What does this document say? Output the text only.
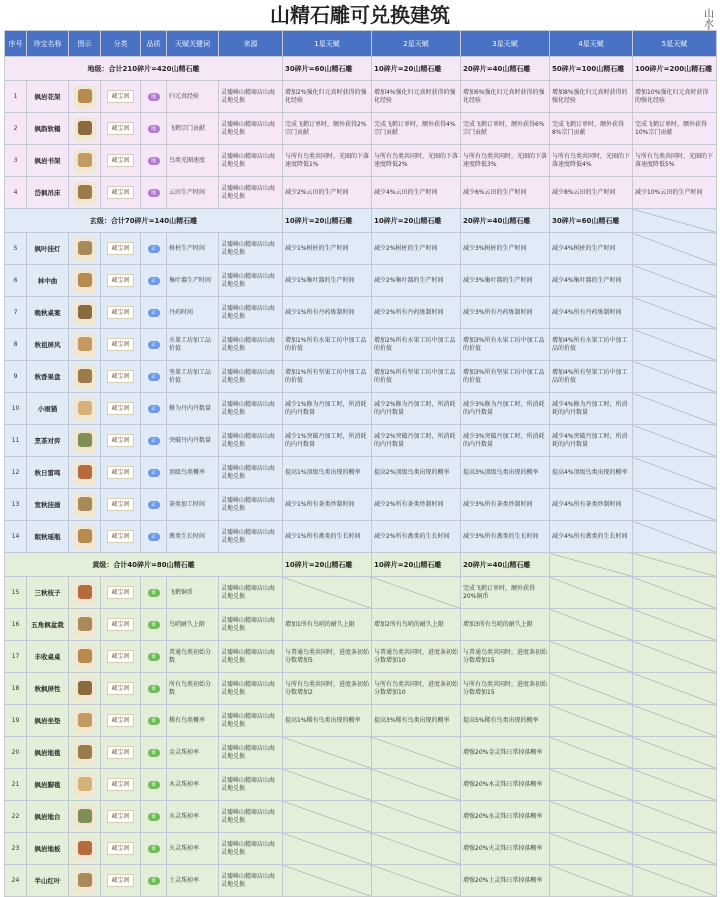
山精石雕可兑换建筑	山
水
序号	珍宝名称	图示	分类	品质	天赋关键词	来源	1星天赋	2星天赋	3星天赋	4星天赋	5星天赋
地级：合计210碎片=420山精石雕	30碎片=60山精石雕	10碎片=20山精石雕	20碎片=40山精石雕	50碎片=100山精石雕	100碎片=200山精石雕
1	枫岩花架		藏宝阁	地	归元真经验	灵墟峰山精商店山海灵地兑换	增加2%强化归元真时获得的强化经验	增加4%强化归元真时获得的强化经验	增加6%强化归元真时获得的强化经验	增加8%强化归元真时获得的强化经验	增加10%强化归元真时获得的强化经验
2	枫韵软榻		藏宝阁	地	飞鹤宗门贡献	灵墟峰山精商店山海灵地兑换	完成飞鹤订单时，额外获得2%宗门贡献	完成飞鹤订单时，额外获得4%宗门贡献	完成飞鹤订单时，额外获得6%宗门贡献	完成飞鹤订单时，额外获得8%宗门贡献	完成飞鹤订单时，额外获得10%宗门贡献
3	枫岩书架		藏宝阁	地	鸟类光圈速度	灵墟峰山精商店山海灵地兑换	与所有鸟类共同时，光圈的下落速度降低1%	与所有鸟类共同时，光圈的下落速度降低2%	与所有鸟类共同时，光圈的下落速度降低3%	与所有鸟类共同时，光圈的下落速度降低4%	与所有鸟类共同时，光圈的下落速度降低5%
4	岱枫吊床		藏宝阁	地	云田生产时间	灵墟峰山精商店山海灵地兑换	减少2%云田的生产时间	减少4%云田的生产时间	减少6%云田的生产时间	减少8%云田的生产时间	减少10%云田的生产时间
玄级：合计70碎片=140山精石雕	10碎片=20山精石雕	10碎片=20山精石雕	20碎片=40山精石雕	30碎片=60山精石雕	
5	枫叶挂灯		藏宝阁	玄	树桩生产时间	灵墟峰山精商店山海灵地兑换	减少1%树桩的生产时间	减少2%树桩的生产时间	减少3%树桩的生产时间	减少4%树桩的生产时间	
6	林中曲		藏宝阁	玄	集叶器生产时间	灵墟峰山精商店山海灵地兑换	减少1%集叶器的生产时间	减少2%集叶器的生产时间	减少3%集叶器的生产时间	减少4%集叶器的生产时间	
7	晚秋桌案		藏宝阁	玄	丹药时间	灵墟峰山精商店山海灵地兑换	减少1%所有丹药炼制时间	减少2%所有丹药炼制时间	减少3%所有丹药炼制时间	减少4%所有丹药炼制时间	
8	秋祖屏风		藏宝阁	玄	水果工坊加工品价值	灵墟峰山精商店山海灵地兑换	增加1%所有水果工坊中加工品的价值	增加2%所有水果工坊中加工品的价值	增加3%所有水果工坊中加工品的价值	增加4%所有水果工坊中加工品的价值	
9	秋香果盘		藏宝阁	玄	坚果工坊加工品价值	灵墟峰山精商店山海灵地兑换	增加1%所有坚果工坊中加工品的价值	增加2%所有坚果工坊中加工品的价值	增加3%所有坚果工坊中加工品的价值	增加4%所有坚果工坊中加工品的价值	
10	小雨猫		藏宝阁	玄	修为丹内丹数量	灵墟峰山精商店山海灵地兑换	减少1%修为丹加工时，所消耗的内丹数量	减少2%修为丹加工时，所消耗的内丹数量	减少3%修为丹加工时，所消耗的内丹数量	减少4%修为丹加工时，所消耗的内丹数量	
11	烹茶对弈		藏宝阁	玄	突破丹内丹数量	灵墟峰山精商店山海灵地兑换	减少1%突破丹加工时，所消耗的内丹数量	减少2%突破丹加工时，所消耗的内丹数量	减少3%突破丹加工时，所消耗的内丹数量	减少4%突破丹加工时，所消耗的内丹数量	
12	秋日雷鸣		藏宝阁	玄	顶级鸟类概率	灵墟峰山精商店山海灵地兑换	提高1%顶级鸟类出现的概率	提高2%顶级鸟类出现的概率	提高3%顶级鸟类出现的概率	提高4%顶级鸟类出现的概率	
13	宽秋挂画		藏宝阁	玄	茶类加工时间	灵墟峰山精商店山海灵地兑换	减少1%所有茶类炒制时间	减少2%所有茶类炒制时间	减少3%所有茶类炒制时间	减少4%所有茶类炒制时间	
14	眠秋瑶瓶		藏宝阁	玄	禽类生长时间	灵墟峰山精商店山海灵地兑换	减少1%所有禽类的生长时间	减少2%所有禽类的生长时间	减少3%所有禽类的生长时间	减少4%所有禽类的生长时间	
黄级：合计40碎片=80山精石雕	10碎片=20山精石雕	10碎片=20山精石雕	20碎片=40山精石雕		
15	三秋枝子		藏宝阁	黄	飞鹤铜币	灵墟峰山精商店山海灵地兑换			完成飞鹤订单时，额外获得20%铜币		
16	五角枫盆栽		藏宝阁	黄	鸟哨耐久上限	灵墟峰山精商店山海灵地兑换	增加1所有鸟哨的耐久上限	增加2所有鸟哨的耐久上限	增加3所有鸟哨的耐久上限		
17	丰收桌桌		藏宝阁	黄	普通鸟类初始分数	灵墟峰山精商店山海灵地兑换	与普通鸟类共同时，进度条初始分数增加5	与普通鸟类共同时，进度条初始分数增加10	与普通鸟类共同时，进度条初始分数增加15		
18	秋枫屏性		藏宝阁	黄	所有鸟类初始分数	灵墟峰山精商店山海灵地兑换	与所有鸟类共同时，进度条初始分数增加2	与所有鸟类共同时，进度条初始分数增加10	与所有鸟类共同时，进度条初始分数增加15		
19	枫岩坐垫		藏宝阁	黄	稀有鸟类概率	灵墟峰山精商店山海灵地兑换	提高1%稀有鸟类出现的概率	提高3%稀有鸟类出现的概率	提高5%稀有鸟类出现的概率		
20	枫岩地毯		藏宝阁	黄	金灵珠掉率	灵墟峰山精商店山海灵地兑换			增强20%金灵珠日常掉落概率		
21	枫岩脚毯		藏宝阁	黄	木灵珠掉率	灵墟峰山精商店山海灵地兑换			增强20%木灵珠日常掉落概率		
22	枫岩地台		藏宝阁	黄	水灵珠掉率	灵墟峰山精商店山海灵地兑换			增强20%水灵珠日常掉落概率		
23	枫岩地板		藏宝阁	黄	火灵珠掉率	灵墟峰山精商店山海灵地兑换			增强20%火灵珠日常掉落概率		
24	半山红叶		藏宝阁	黄	土灵珠掉率	灵墟峰山精商店山海灵地兑换			增强20%土灵珠日常掉落概率		
